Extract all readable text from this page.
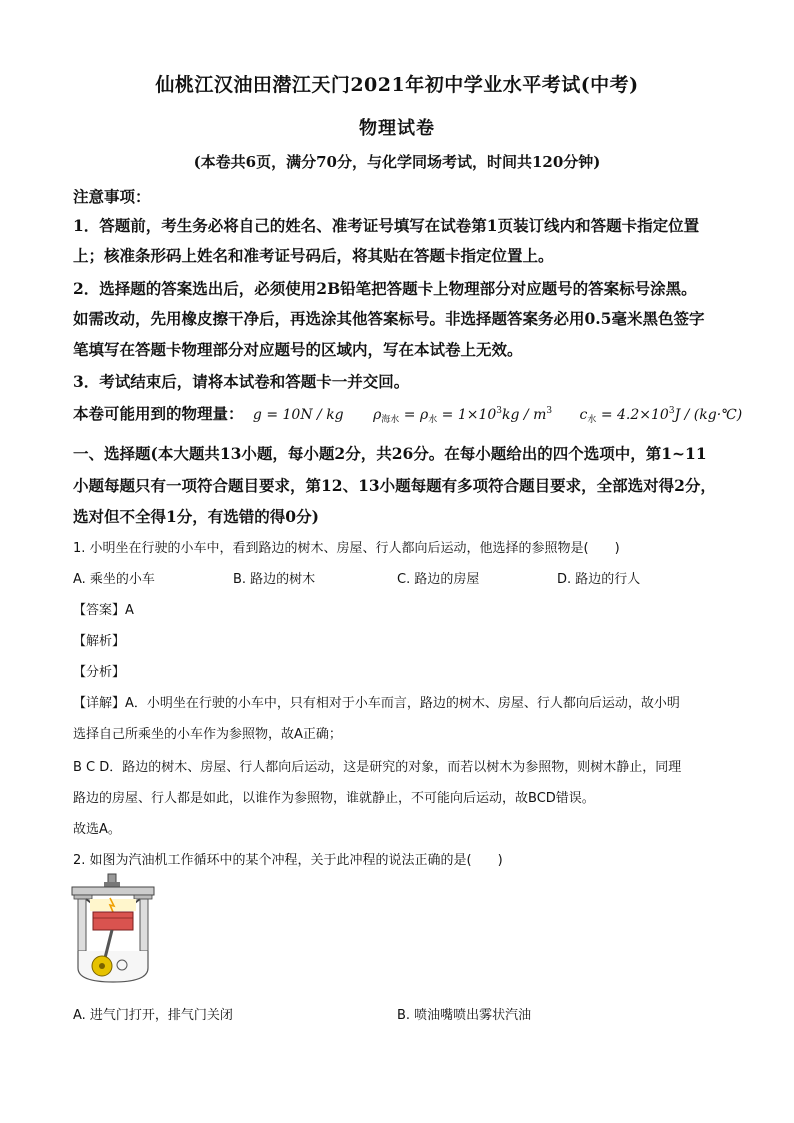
仙桃江汉油田潜江天门2021年初中学业水平考试(中考)
物理试卷
(本卷共6页，满分70分，与化学同场考试，时间共120分钟)
注意事项：
1．答题前，考生务必将自己的姓名、准考证号填写在试卷第1页装订线内和答题卡指定位置
上；核准条形码上姓名和准考证号码后，将其贴在答题卡指定位置上。
2．选择题的答案选出后，必须使用2B铅笔把答题卡上物理部分对应题号的答案标号涂黑。
如需改动，先用橡皮擦干净后，再选涂其他答案标号。非选择题答案务必用0.5毫米黑色签字
笔填写在答题卡物理部分对应题号的区域内，写在本试卷上无效。
3．考试结束后，请将本试卷和答题卡一并交回。
本卷可能用到的物理量： g = 10N / kg $\rho_{海水} = \rho_水 = 1\times 10^3kg / m^3$ $c_水 = 4.2\times 10^3J$ / (kg·℃)
一、选择题(本大题共13小题，每小题2分，共26分。在每小题给出的四个选项中，第1~11
小题每题只有一项符合题目要求，第12、13小题每题有多项符合题目要求，全部选对得2分，
选对但不全得1分，有选错的得0分)
1. 小明坐在行驶的小车中，看到路边的树木、房屋、行人都向后运动，他选择的参照物是(　　)
A. 乘坐的小车	B. 路边的树木	C. 路边的房屋	D. 路边的行人
【答案】A
【解析】
【分析】
【详解】A．小明坐在行驶的小车中，只有相对于小车而言，路边的树木、房屋、行人都向后运动，故小明
选择自己所乘坐的小车作为参照物，故A正确；
B C D．路边的树木、房屋、行人都向后运动，这是研究的对象，而若以树木为参照物，则树木静止，同理
路边的房屋、行人都是如此，以谁作为参照物，谁就静止，不可能向后运动，故BCD错误。
故选A。
2. 如图为汽油机工作循环中的某个冲程，关于此冲程的说法正确的是(　　)
A. 进气门打开，排气门关闭	B. 喷油嘴喷出雾状汽油
